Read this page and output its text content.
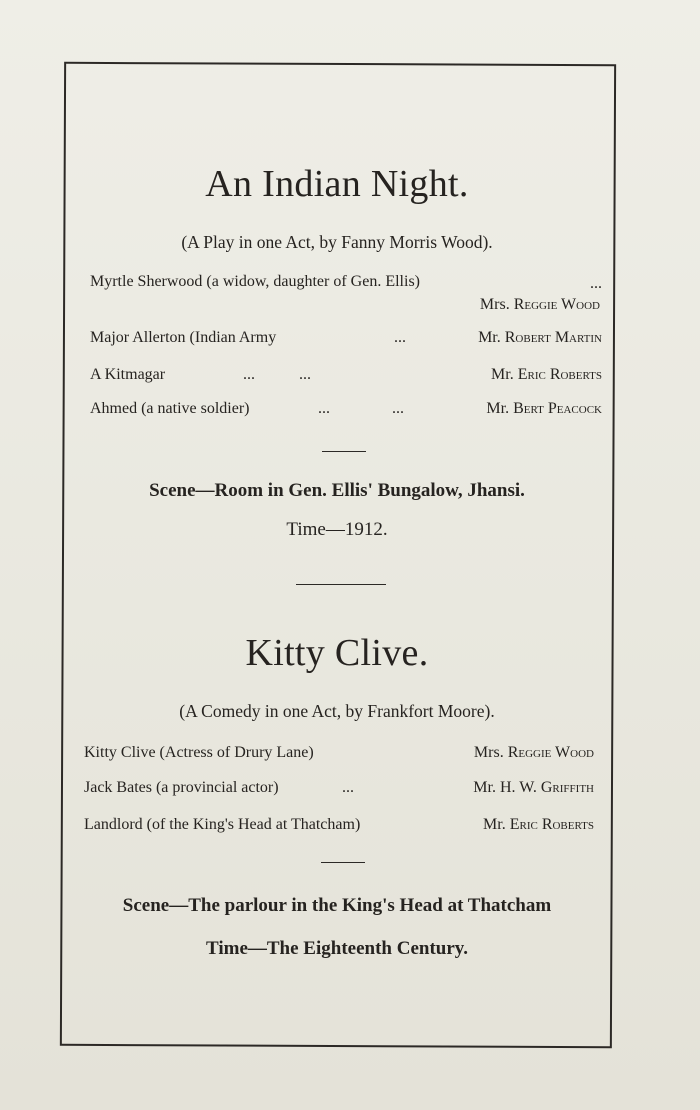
An Indian Night.

(A Play in one Act, by Fanny Morris Wood).

Myrtle Sherwood (a widow, daughter of Gen. Ellis)	...
Mrs. Reggie Wood
Major Allerton (Indian Army	...	Mr. Robert Martin
A Kitmagar	... ...	Mr. Eric Roberts
Ahmed (a native soldier)	...	...	Mr. Bert Peacock

Scene—Room in Gen. Ellis' Bungalow, Jhansi.

Time—1912.

Kitty Clive.

(A Comedy in one Act, by Frankfort Moore).

Kitty Clive (Actress of Drury Lane)	Mrs. Reggie Wood
Jack Bates (a provincial actor)	...	Mr. H. W. Griffith
Landlord (of the King's Head at Thatcham)	Mr. Eric Roberts

Scene—The parlour in the King's Head at Thatcham

Time—The Eighteenth Century.
